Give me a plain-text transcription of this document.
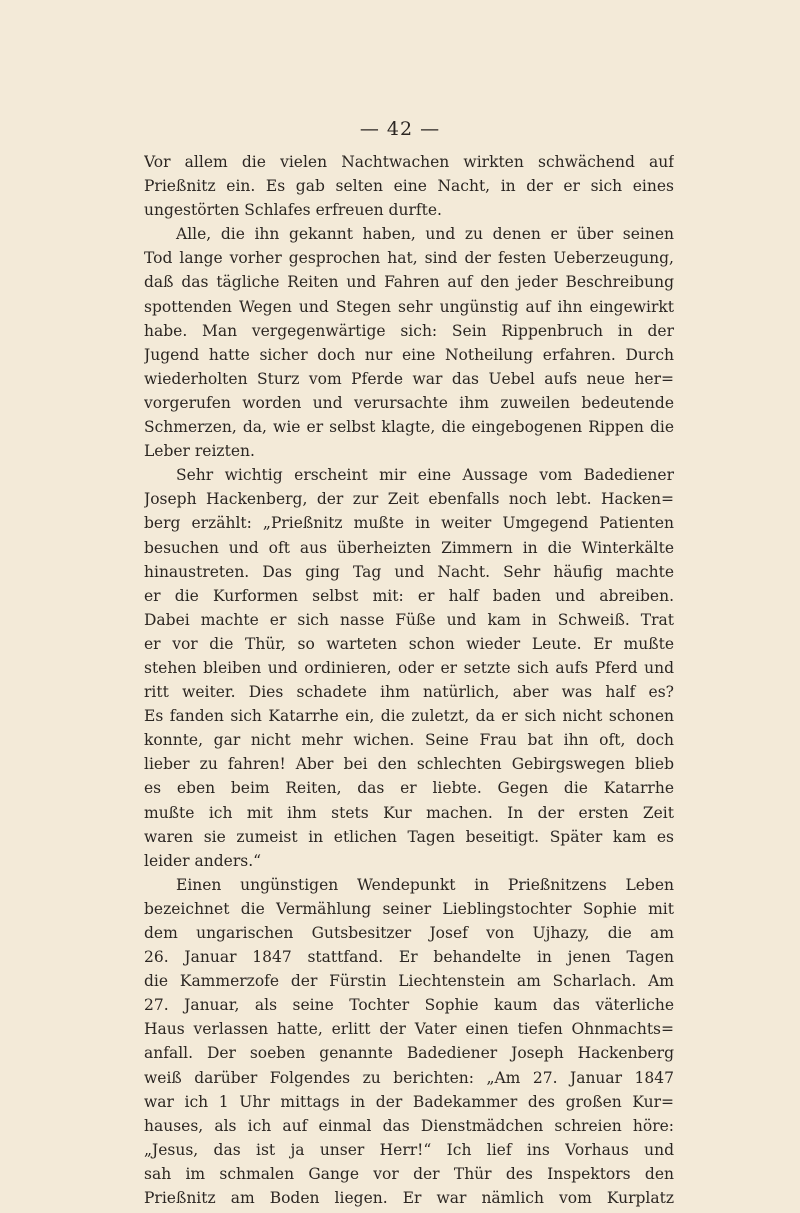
— 42 —
Vor allem die vielen Nachtwachen wirkten schwächend auf
Prießnitz ein. Es gab selten eine Nacht, in der er sich eines
ungestörten Schlafes erfreuen durfte.
Alle, die ihn gekannt haben, und zu denen er über seinen
Tod lange vorher gesprochen hat, sind der festen Ueberzeugung,
daß das tägliche Reiten und Fahren auf den jeder Beschreibung
spottenden Wegen und Stegen sehr ungünstig auf ihn eingewirkt
habe. Man vergegenwärtige sich: Sein Rippenbruch in der
Jugend hatte sicher doch nur eine Notheilung erfahren. Durch
wiederholten Sturz vom Pferde war das Uebel aufs neue her=
vorgerufen worden und verursachte ihm zuweilen bedeutende
Schmerzen, da, wie er selbst klagte, die eingebogenen Rippen die
Leber reizten.
Sehr wichtig erscheint mir eine Aussage vom Badediener
Joseph Hackenberg, der zur Zeit ebenfalls noch lebt. Hacken=
berg erzählt: „Prießnitz mußte in weiter Umgegend Patienten
besuchen und oft aus überheizten Zimmern in die Winterkälte
hinaustreten. Das ging Tag und Nacht. Sehr häufig machte
er die Kurformen selbst mit: er half baden und abreiben.
Dabei machte er sich nasse Füße und kam in Schweiß. Trat
er vor die Thür, so warteten schon wieder Leute. Er mußte
stehen bleiben und ordinieren, oder er setzte sich aufs Pferd und
ritt weiter. Dies schadete ihm natürlich, aber was half es?
Es fanden sich Katarrhe ein, die zuletzt, da er sich nicht schonen
konnte, gar nicht mehr wichen. Seine Frau bat ihn oft, doch
lieber zu fahren! Aber bei den schlechten Gebirgswegen blieb
es eben beim Reiten, das er liebte. Gegen die Katarrhe
mußte ich mit ihm stets Kur machen. In der ersten Zeit
waren sie zumeist in etlichen Tagen beseitigt. Später kam es
leider anders.“
Einen ungünstigen Wendepunkt in Prießnitzens Leben
bezeichnet die Vermählung seiner Lieblingstochter Sophie mit
dem ungarischen Gutsbesitzer Josef von Ujhazy, die am
26. Januar 1847 stattfand. Er behandelte in jenen Tagen
die Kammerzofe der Fürstin Liechtenstein am Scharlach. Am
27. Januar, als seine Tochter Sophie kaum das väterliche
Haus verlassen hatte, erlitt der Vater einen tiefen Ohnmachts=
anfall. Der soeben genannte Badediener Joseph Hackenberg
weiß darüber Folgendes zu berichten: „Am 27. Januar 1847
war ich 1 Uhr mittags in der Badekammer des großen Kur=
hauses, als ich auf einmal das Dienstmädchen schreien höre:
„Jesus, das ist ja unser Herr!“ Ich lief ins Vorhaus und
sah im schmalen Gange vor der Thür des Inspektors den
Prießnitz am Boden liegen. Er war nämlich vom Kurplatz
